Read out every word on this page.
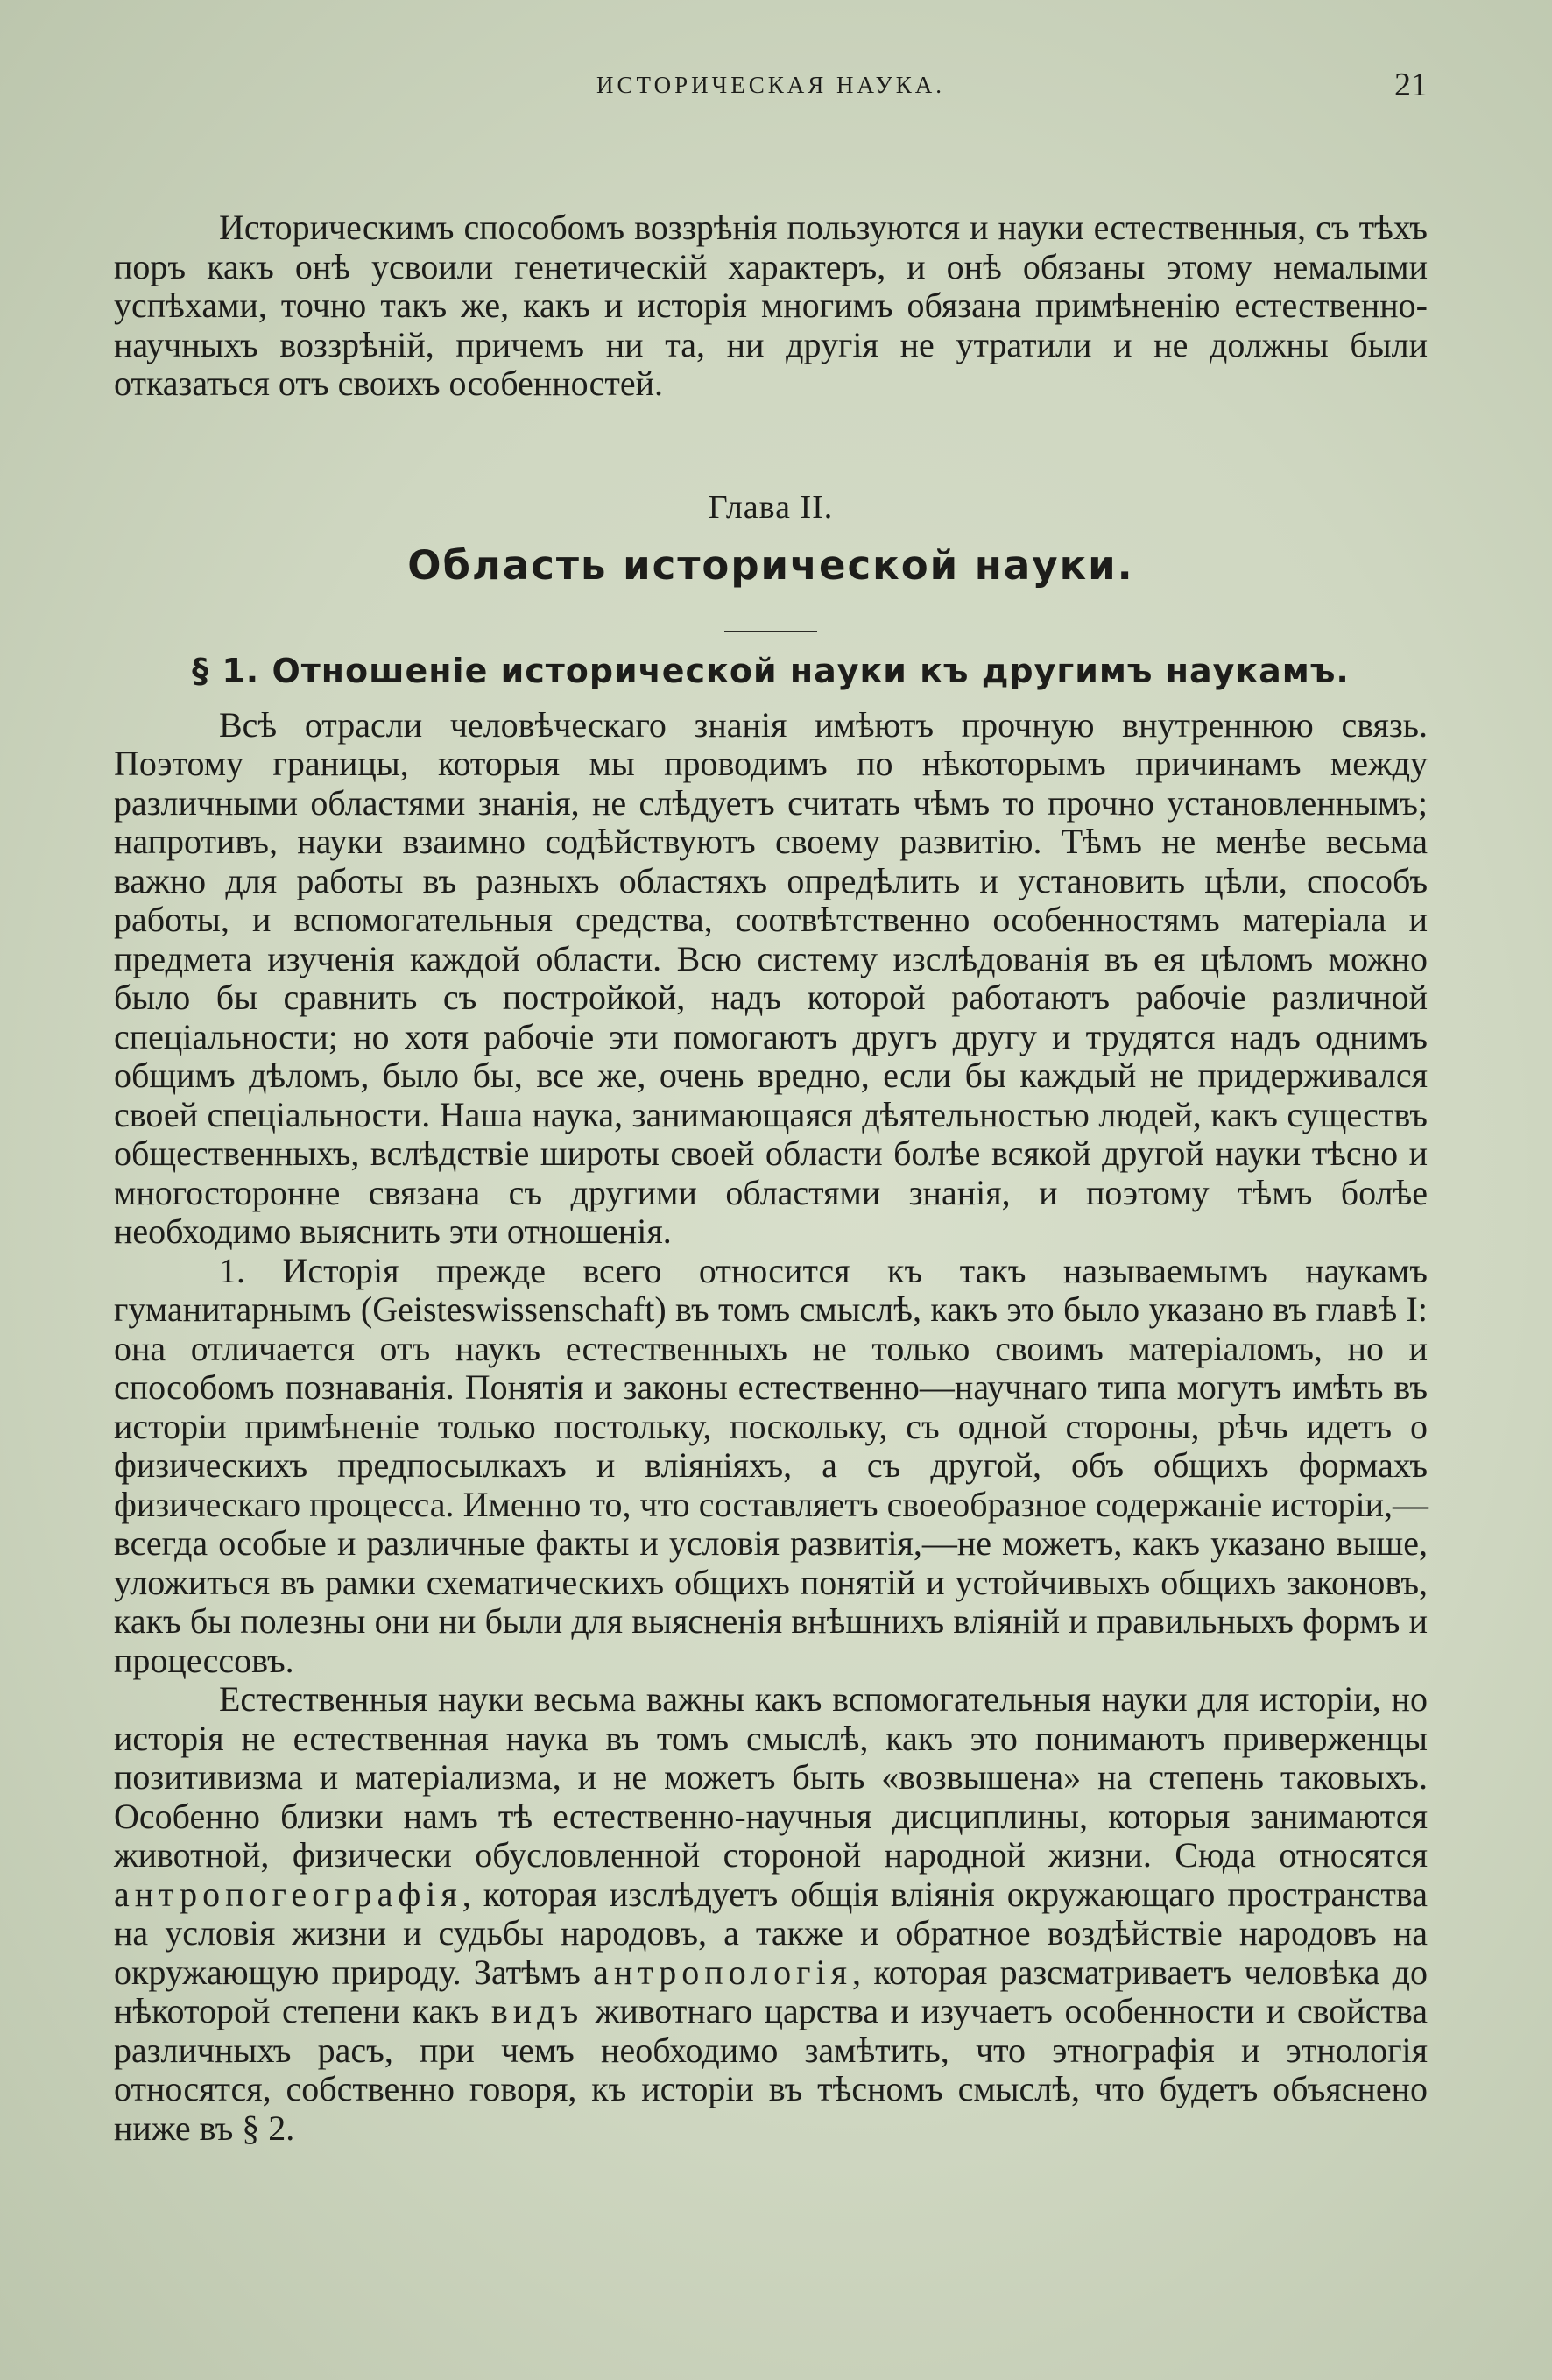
ИСТОРИЧЕСКАЯ НАУКА.	21

Историческимъ способомъ воззрѣнія пользуются и науки естественныя, съ тѣхъ поръ какъ онѣ усвоили генетическій характеръ, и онѣ обязаны этому немалыми успѣхами, точно такъ же, какъ и исторія многимъ обязана примѣненію естественно-научныхъ воззрѣній, причемъ ни та, ни другія не утратили и не должны были отказаться отъ своихъ особенностей.

Глава II.
Область исторической науки.
§ 1. Отношеніе исторической науки къ другимъ наукамъ.

Всѣ отрасли человѣческаго знанія имѣютъ прочную внутреннюю связь. Поэтому границы, которыя мы проводимъ по нѣкоторымъ причинамъ между различными областями знанія, не слѣдуетъ считать чѣмъ то прочно установленнымъ; напротивъ, науки взаимно содѣйствуютъ своему развитію. Тѣмъ не менѣе весьма важно для работы въ разныхъ областяхъ опредѣлить и установить цѣли, способъ работы, и вспомогательныя средства, соотвѣтственно особенностямъ матеріала и предмета изученія каждой области. Всю систему изслѣдованія въ ея цѣломъ можно было бы сравнить съ постройкой, надъ которой работаютъ рабочіе различной спеціальности; но хотя рабочіе эти помогаютъ другъ другу и трудятся надъ однимъ общимъ дѣломъ, было бы, все же, очень вредно, если бы каждый не придерживался своей спеціальности. Наша наука, занимающаяся дѣятельностью людей, какъ существъ общественныхъ, вслѣдствіе широты своей области болѣе всякой другой науки тѣсно и многосторонне связана съ другими областями знанія, и поэтому тѣмъ болѣе необходимо выяснить эти отношенія.

1. Исторія прежде всего относится къ такъ называемымъ наукамъ гуманитарнымъ (Geisteswissenschaft) въ томъ смыслѣ, какъ это было указано въ главѣ I: она отличается отъ наукъ естественныхъ не только своимъ матеріаломъ, но и способомъ познаванія. Понятія и законы естественно—научнаго типа могутъ имѣть въ исторіи примѣненіе только постольку, поскольку, съ одной стороны, рѣчь идетъ о физическихъ предпосылкахъ и вліяніяхъ, а съ другой, объ общихъ формахъ физическаго процесса. Именно то, что составляетъ своеобразное содержаніе исторіи,— всегда особые и различные факты и условія развитія,—не можетъ, какъ указано выше, уложиться въ рамки схематическихъ общихъ понятій и устойчивыхъ общихъ законовъ, какъ бы полезны они ни были для выясненія внѣшнихъ вліяній и правильныхъ формъ и процессовъ.

Естественныя науки весьма важны какъ вспомогательныя науки для исторіи, но исторія не естественная наука въ томъ смыслѣ, какъ это понимаютъ приверженцы позитивизма и матеріализма, и не можетъ быть «возвышена» на степень таковыхъ. Особенно близки намъ тѣ естественно-научныя дисциплины, которыя занимаются животной, физически обусловленной стороной народной жизни. Сюда относятся антропогеографія, которая изслѣдуетъ общія вліянія окружающаго пространства на условія жизни и судьбы народовъ, а также и обратное воздѣйствіе народовъ на окружающую природу. Затѣмъ антропологія, которая разсматриваетъ человѣка до нѣкоторой степени какъ видъ животнаго царства и изучаетъ особенности и свойства различныхъ расъ, при чемъ необходимо замѣтить, что этнографія и этнологія относятся, собственно говоря, къ исторіи въ тѣсномъ смыслѣ, что будетъ объяснено ниже въ § 2.
